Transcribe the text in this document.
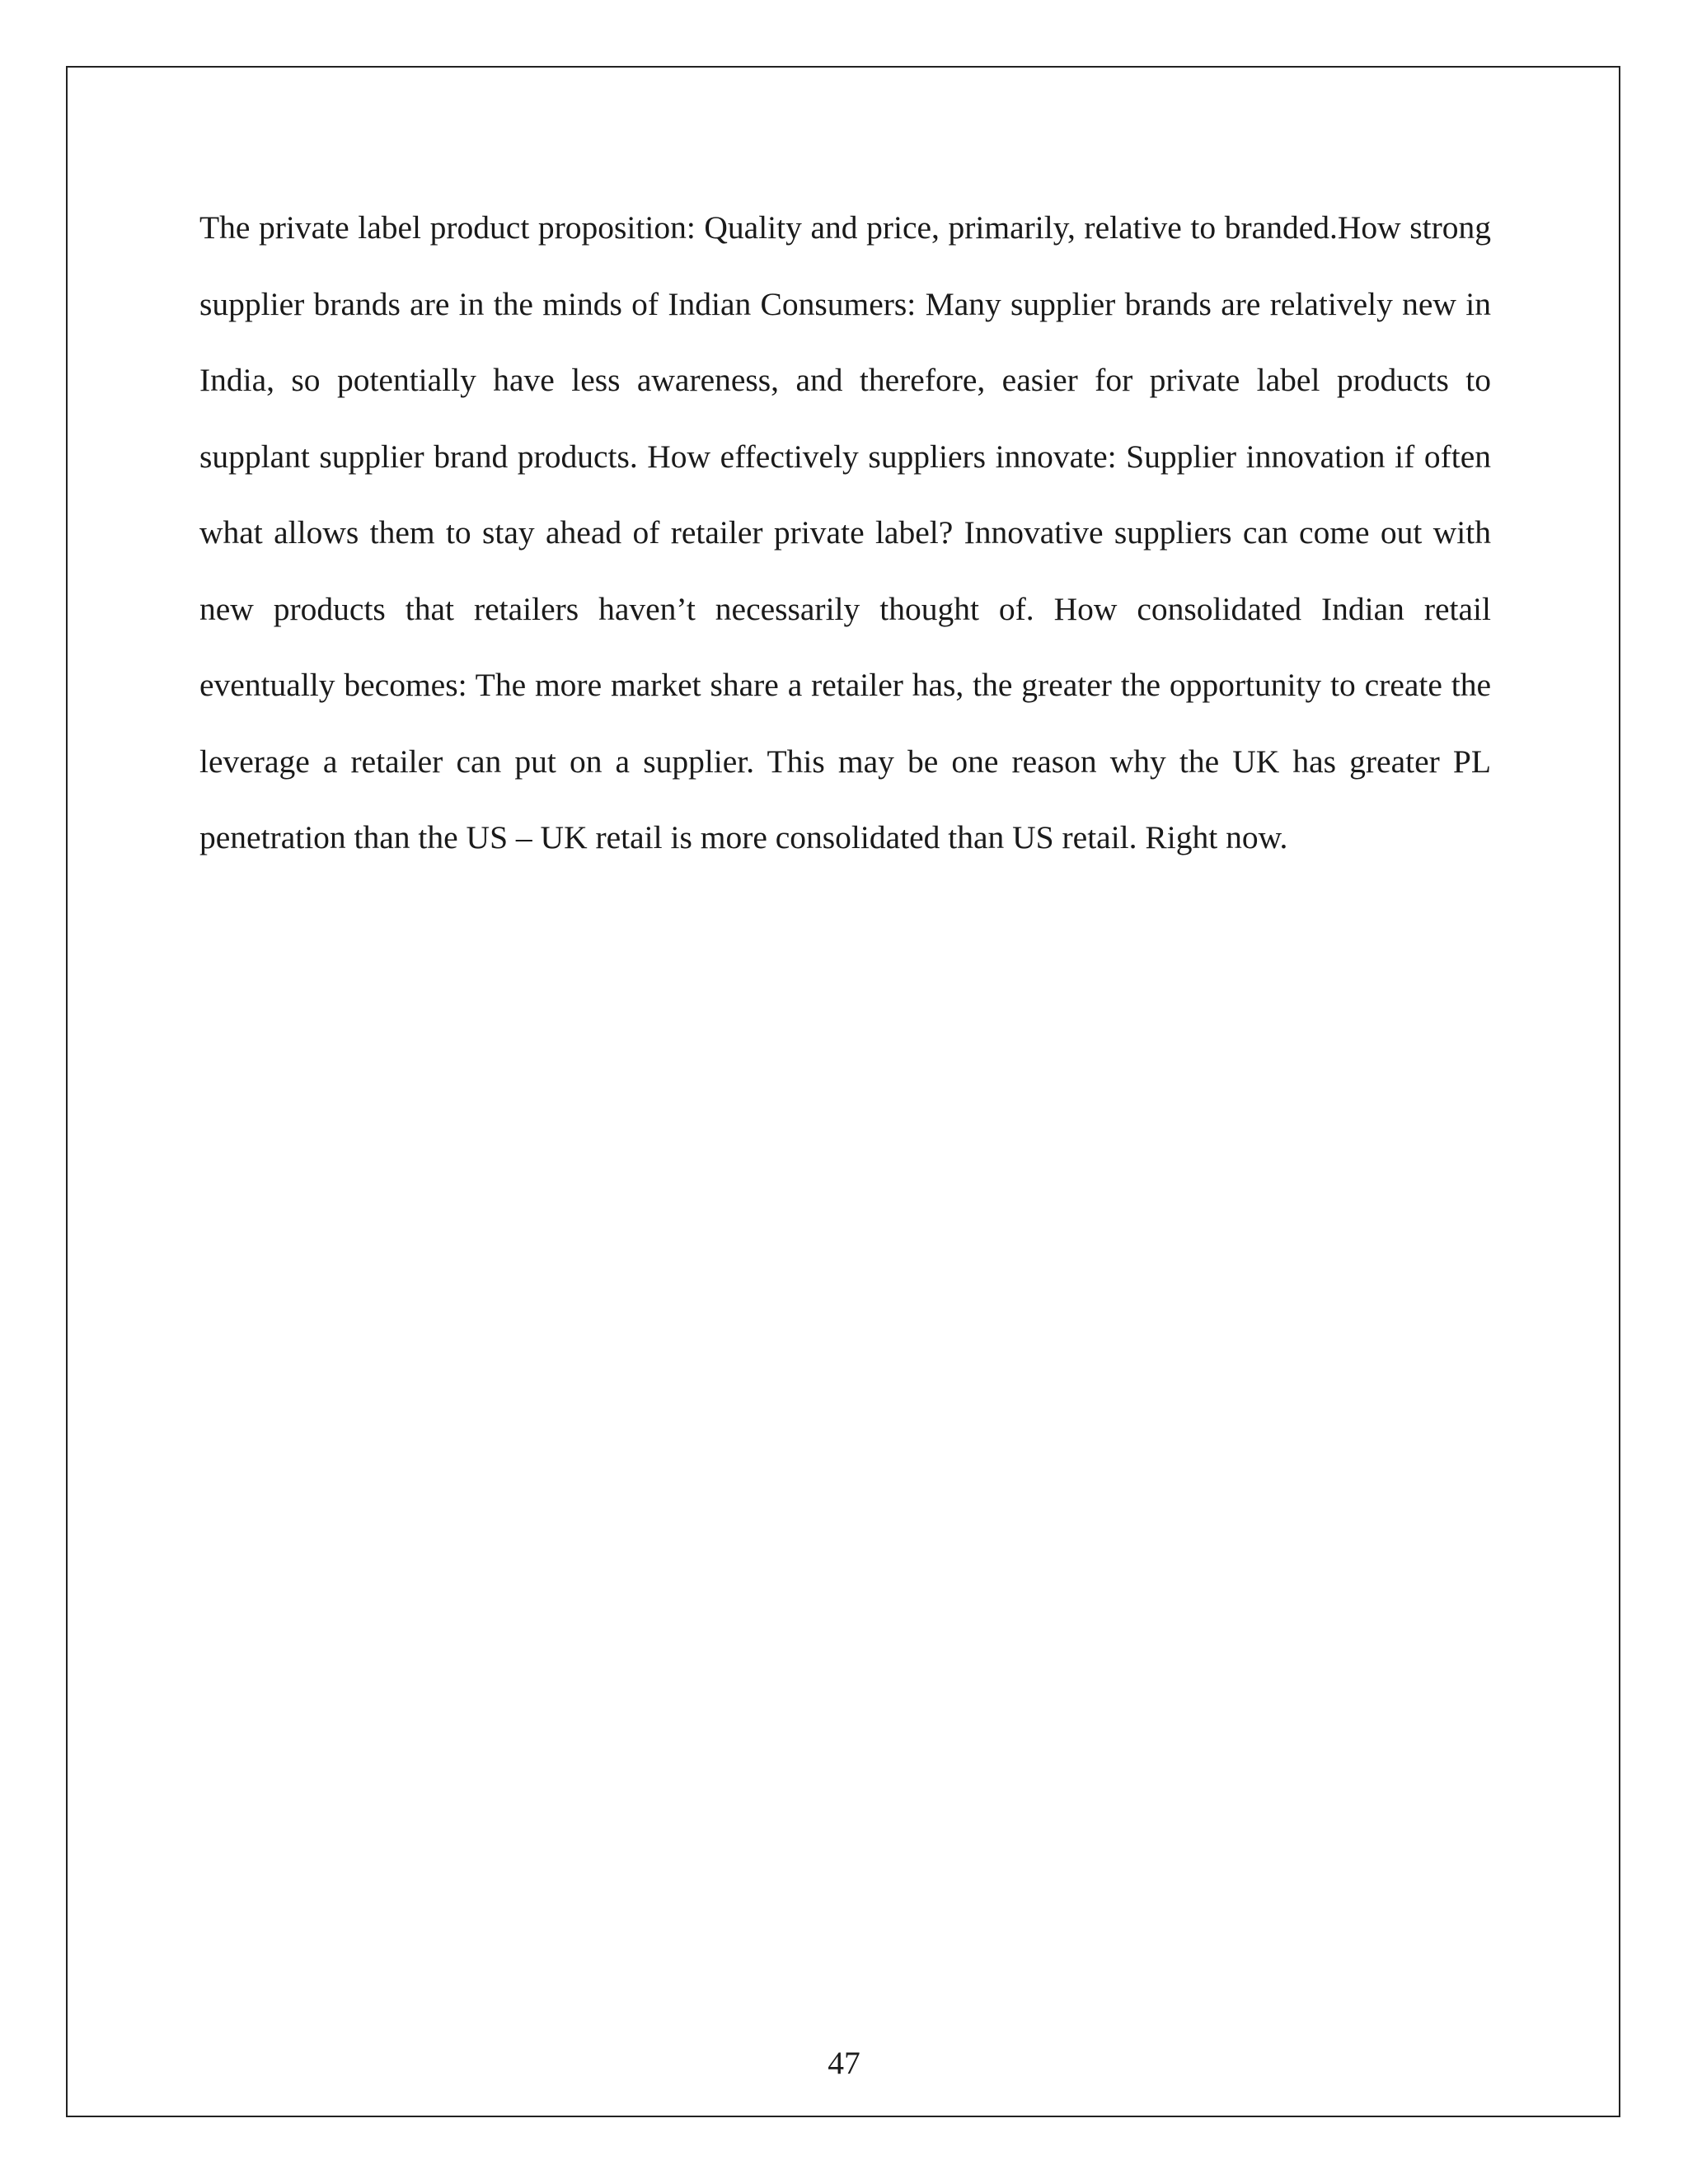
The private label product proposition: Quality and price, primarily, relative to branded.How strong supplier brands are in the minds of Indian Consumers: Many supplier brands are relatively new in India, so potentially have less awareness, and therefore, easier for private label products to supplant supplier brand products. How effectively suppliers innovate: Supplier innovation if often what allows them to stay ahead of retailer private label? Innovative suppliers can come out with new products that retailers haven’t necessarily thought of. How consolidated Indian retail eventually becomes: The more market share a retailer has, the greater the opportunity to create the leverage a retailer can put on a supplier. This may be one reason why the UK has greater PL penetration than the US – UK retail is more consolidated than US retail. Right now.

47
